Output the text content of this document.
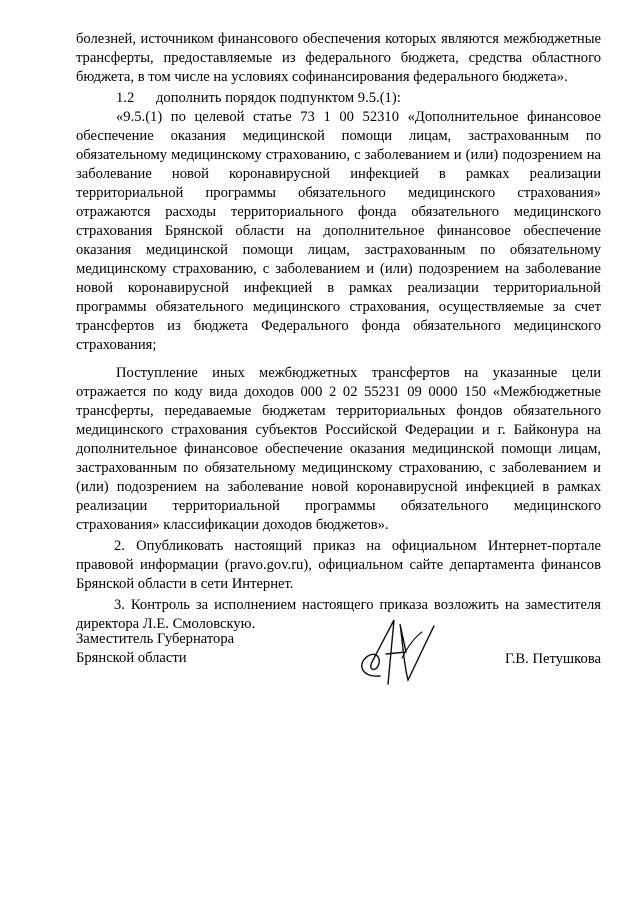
болезней, источником финансового обеспечения которых являются межбюджетные трансферты, предоставляемые из федерального бюджета, средства областного бюджета, в том числе на условиях софинансирования федерального бюджета».

1.2 дополнить порядок подпунктом 9.5.(1):

«9.5.(1) по целевой статье 73 1 00 52310 «Дополнительное финансовое обеспечение оказания медицинской помощи лицам, застрахованным по обязательному медицинскому страхованию, с заболеванием и (или) подозрением на заболевание новой коронавирусной инфекцией в рамках реализации территориальной программы обязательного медицинского страхования» отражаются расходы территориального фонда обязательного медицинского страхования Брянской области на дополнительное финансовое обеспечение оказания медицинской помощи лицам, застрахованным по обязательному медицинскому страхованию, с заболеванием и (или) подозрением на заболевание новой коронавирусной инфекцией в рамках реализации территориальной программы обязательного медицинского страхования, осуществляемые за счет трансфертов из бюджета Федерального фонда обязательного медицинского страхования;

Поступление иных межбюджетных трансфертов на указанные цели отражается по коду вида доходов 000 2 02 55231 09 0000 150 «Межбюджетные трансферты, передаваемые бюджетам территориальных фондов обязательного медицинского страхования субъектов Российской Федерации и г. Байконура на дополнительное финансовое обеспечение оказания медицинской помощи лицам, застрахованным по обязательному медицинскому страхованию, с заболеванием и (или) подозрением на заболевание новой коронавирусной инфекцией в рамках реализации территориальной программы обязательного медицинского страхования» классификации доходов бюджетов».

2. Опубликовать настоящий приказ на официальном Интернет-портале правовой информации (pravo.gov.ru), официальном сайте департамента финансов Брянской области в сети Интернет.

3. Контроль за исполнением настоящего приказа возложить на заместителя директора Л.Е. Смоловскую.

Заместитель Губернатора
Брянской области	Г.В. Петушкова
